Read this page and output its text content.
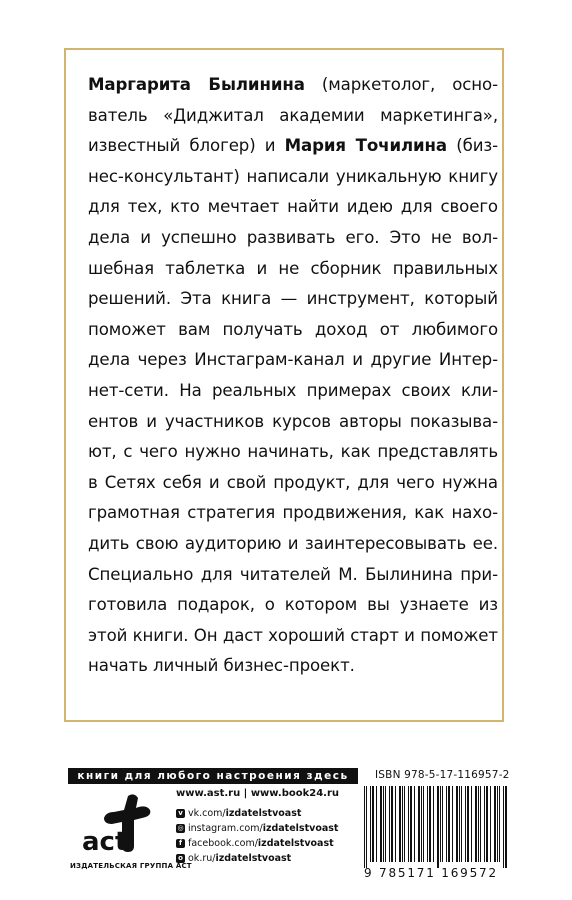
Маргарита Былинина (маркетолог, осно-
ватель «Диджитал академии маркетинга»,
известный блогер) и Мария Точилина (биз-
нес-консультант) написали уникальную книгу
для тех, кто мечтает найти идею для своего
дела и успешно развивать его. Это не вол-
шебная таблетка и не сборник правильных
решений. Эта книга — инструмент, который
поможет вам получать доход от любимого
дела через Инстаграм-канал и другие Интер-
нет-сети. На реальных примерах своих кли-
ентов и участников курсов авторы показыва-
ют, с чего нужно начинать, как представлять
в Сетях себя и свой продукт, для чего нужна
грамотная стратегия продвижения, как нахо-
дить свою аудиторию и заинтересовывать ее.
Специально для читателей М. Былинина при-
готовила подарок, о котором вы узнаете из
этой книги. Он даст хороший старт и поможет
начать личный бизнес-проект.
книги для любого настроения здесь
act
ИЗДАТЕЛЬСКАЯ ГРУППА АСТ
www.ast.ru | www.book24.ru
v vk.com/ izdatelstvoast
◎ instagram.com/ izdatelstvoast
f facebook.com/ izdatelstvoast
o ok.ru/ izdatelstvoast
ISBN 978-5-17-116957-2
9 785171 169572
